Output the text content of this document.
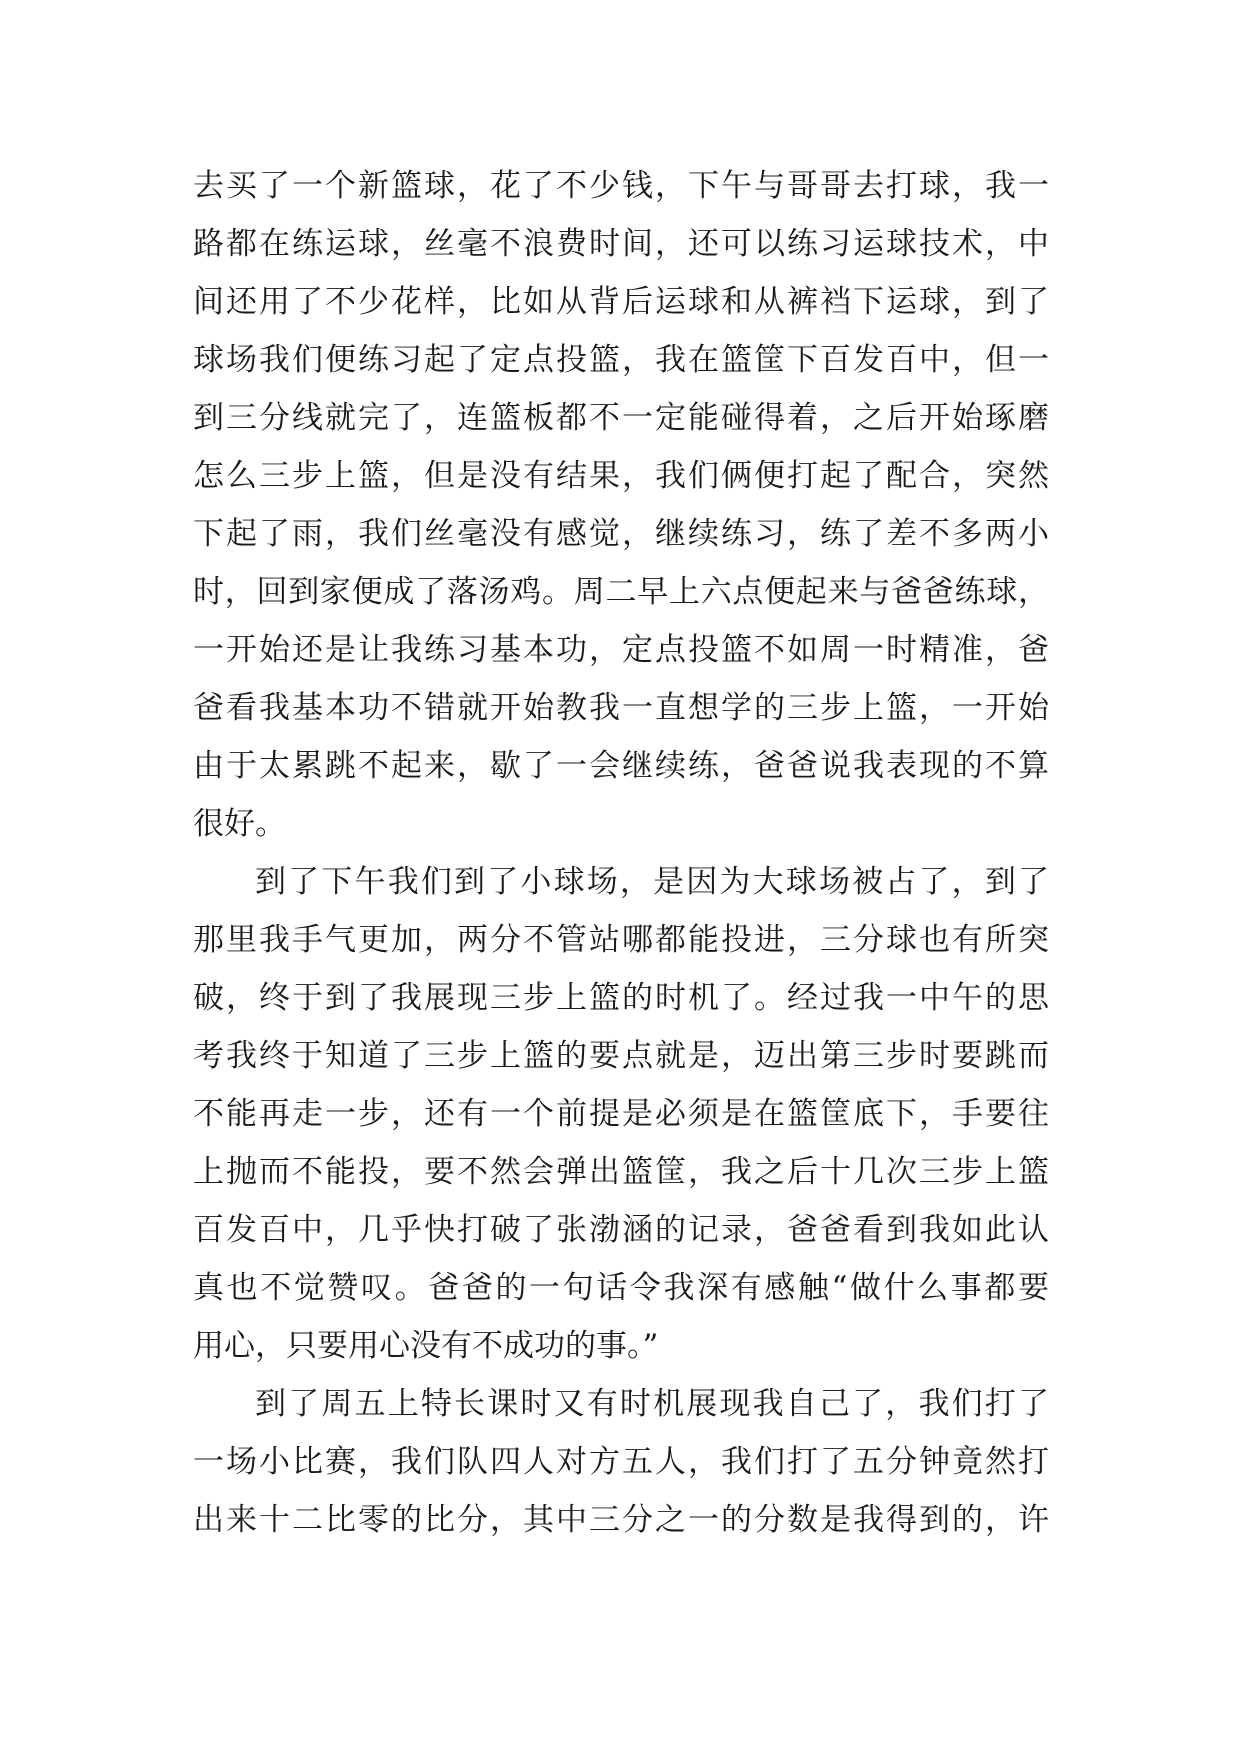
去买了一个新篮球，花了不少钱，下午与哥哥去打球，我一
路都在练运球，丝毫不浪费时间，还可以练习运球技术，中
间还用了不少花样，比如从背后运球和从裤裆下运球，到了
球场我们便练习起了定点投篮，我在篮筐下百发百中，但一
到三分线就完了，连篮板都不一定能碰得着，之后开始琢磨
怎么三步上篮，但是没有结果，我们俩便打起了配合，突然
下起了雨，我们丝毫没有感觉，继续练习，练了差不多两小
时，回到家便成了落汤鸡。周二早上六点便起来与爸爸练球，
一开始还是让我练习基本功，定点投篮不如周一时精准，爸
爸看我基本功不错就开始教我一直想学的三步上篮，一开始
由于太累跳不起来，歇了一会继续练，爸爸说我表现的不算
很好。
到了下午我们到了小球场，是因为大球场被占了，到了
那里我手气更加，两分不管站哪都能投进，三分球也有所突
破，终于到了我展现三步上篮的时机了。经过我一中午的思
考我终于知道了三步上篮的要点就是，迈出第三步时要跳而
不能再走一步，还有一个前提是必须是在篮筐底下，手要往
上抛而不能投，要不然会弹出篮筐，我之后十几次三步上篮
百发百中，几乎快打破了张渤涵的记录，爸爸看到我如此认
真也不觉赞叹。爸爸的一句话令我深有感触“做什么事都要
用心，只要用心没有不成功的事。”
到了周五上特长课时又有时机展现我自己了，我们打了
一场小比赛，我们队四人对方五人，我们打了五分钟竟然打
出来十二比零的比分，其中三分之一的分数是我得到的，许
